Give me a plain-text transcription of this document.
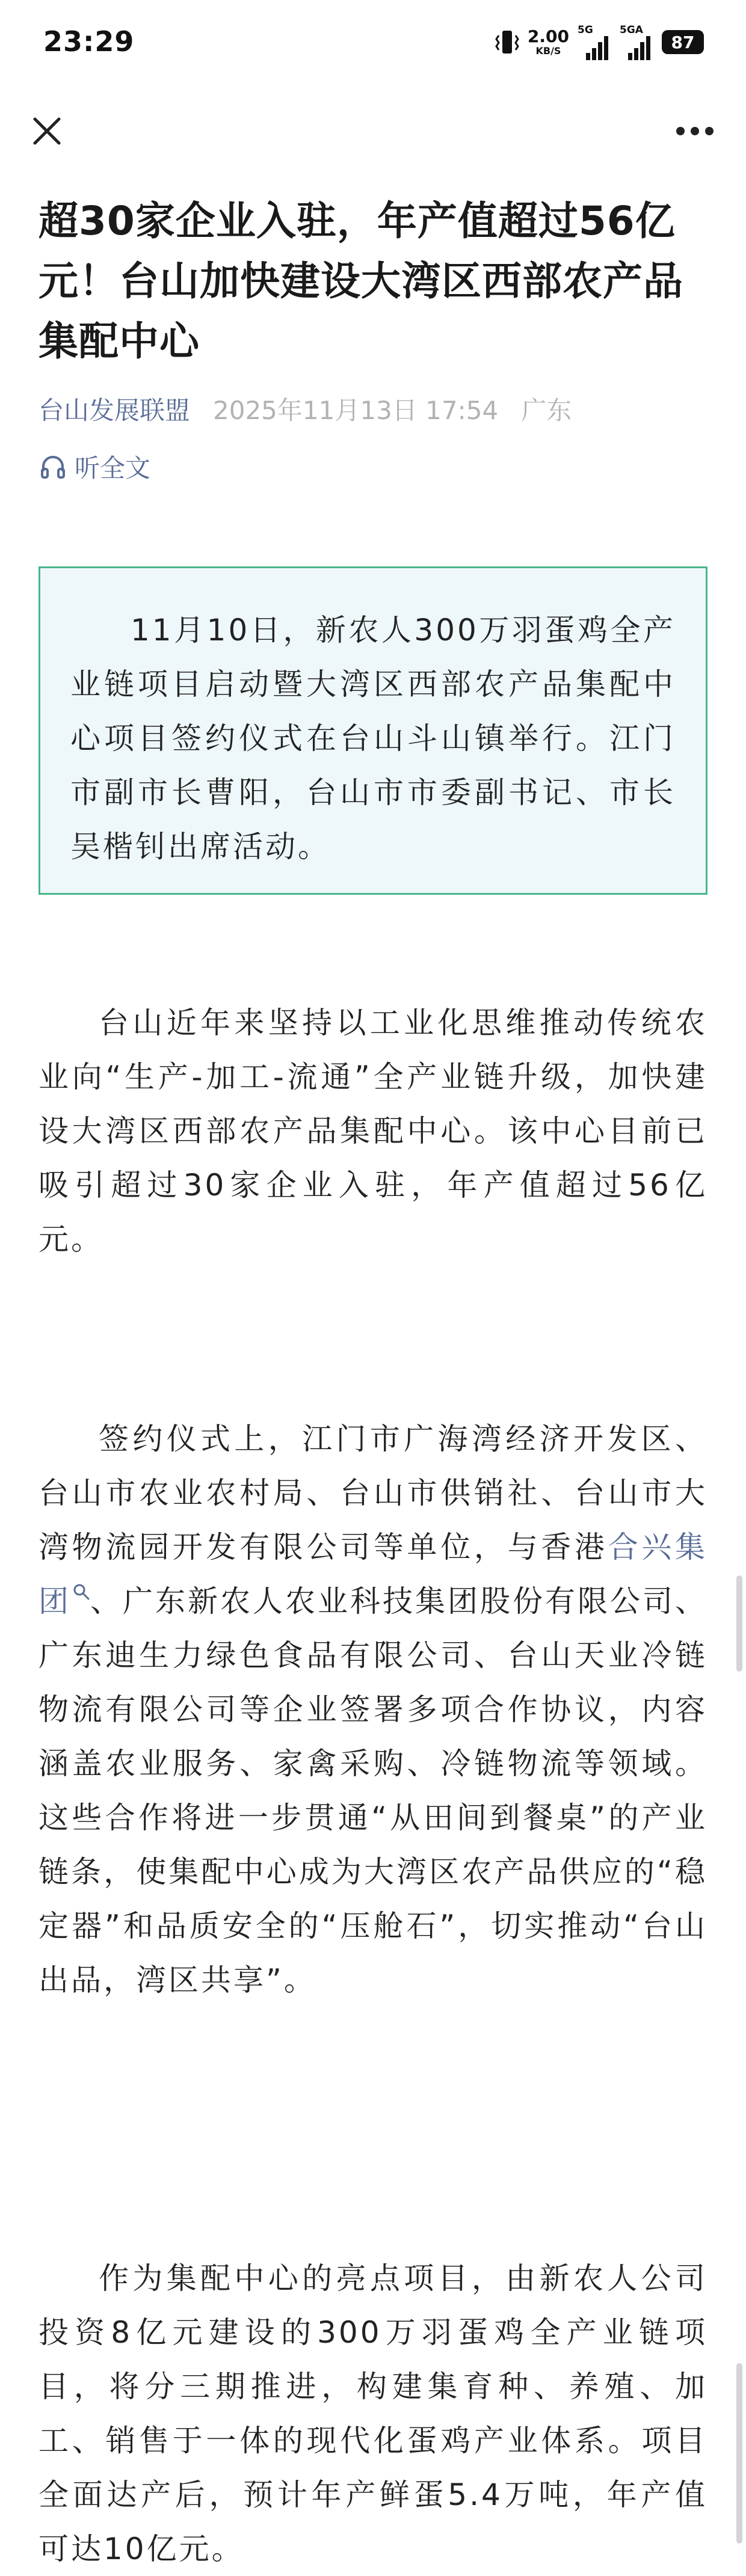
23:29	2.00
KB/S
5G	5GA
87
超30家企业入驻，年产值超过56亿元！台山加快建设大湾区西部农产品集配中心
台山发展联盟 2025年11月13日 17:54 广东
听全文

11月10日，新农人300万羽蛋鸡全产业链项目启动暨大湾区西部农产品集配中心项目签约仪式在台山斗山镇举行。江门市副市长曹阳，台山市市委副书记、市长吴楷钊出席活动。

台山近年来坚持以工业化思维推动传统农业向“生产-加工-流通”全产业链升级，加快建设大湾区西部农产品集配中心。该中心目前已吸引超过30家企业入驻，年产值超过56亿元。

签约仪式上，江门市广海湾经济开发区、台山市农业农村局、台山市供销社、台山市大湾物流园开发有限公司等单位，与香港合兴集团 、广东新农人农业科技集团股份有限公司、广东迪生力绿色食品有限公司、台山天业冷链物流有限公司等企业签署多项合作协议，内容涵盖农业服务、家禽采购、冷链物流等领域。这些合作将进一步贯通“从田间到餐桌”的产业链条，使集配中心成为大湾区农产品供应的“稳定器”和品质安全的“压舱石”，切实推动“台山出品，湾区共享”。

作为集配中心的亮点项目，由新农人公司投资8亿元建设的300万羽蛋鸡全产业链项目，将分三期推进，构建集育种、养殖、加工、销售于一体的现代化蛋鸡产业体系。项目全面达产后，预计年产鲜蛋5.4万吨，年产值可达10亿元。
